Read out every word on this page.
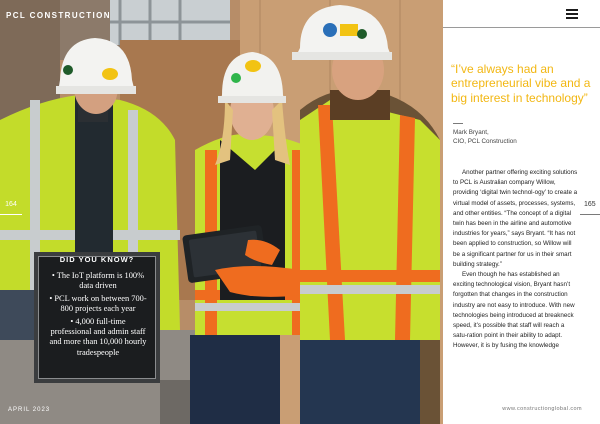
PCL CONSTRUCTION
164
APRIL 2023
DID YOU KNOW?
• The IoT platform is 100% data driven
• PCL work on between 700-800 projects each year
• 4,000 full-time professional and admin staff and more than 10,000 hourly tradespeople
“I’ve always had an entrepreneurial vibe and a big interest in technology”
Mark Bryant,
CIO, PCL Construction
165

Another partner offering exciting solutions to PCL is Australian company Willow, providing ‘digital twin technol-ogy’ to create a virtual model of assets, processes, systems, and other entities. “The concept of a digital twin has been in the airline and automotive industries for years,” says Bryant. “It has not been applied to construction, so Willow will be a significant partner for us in their smart building strategy.”

Even though he has established an exciting technological vision, Bryant hasn’t forgotten that changes in the construction industry are not easy to introduce. With new technologies being introduced at breakneck speed, it’s possible that staff will reach a satu-ration point in their ability to adapt. However, it is by fusing the knowledge

www.constructionglobal.com
